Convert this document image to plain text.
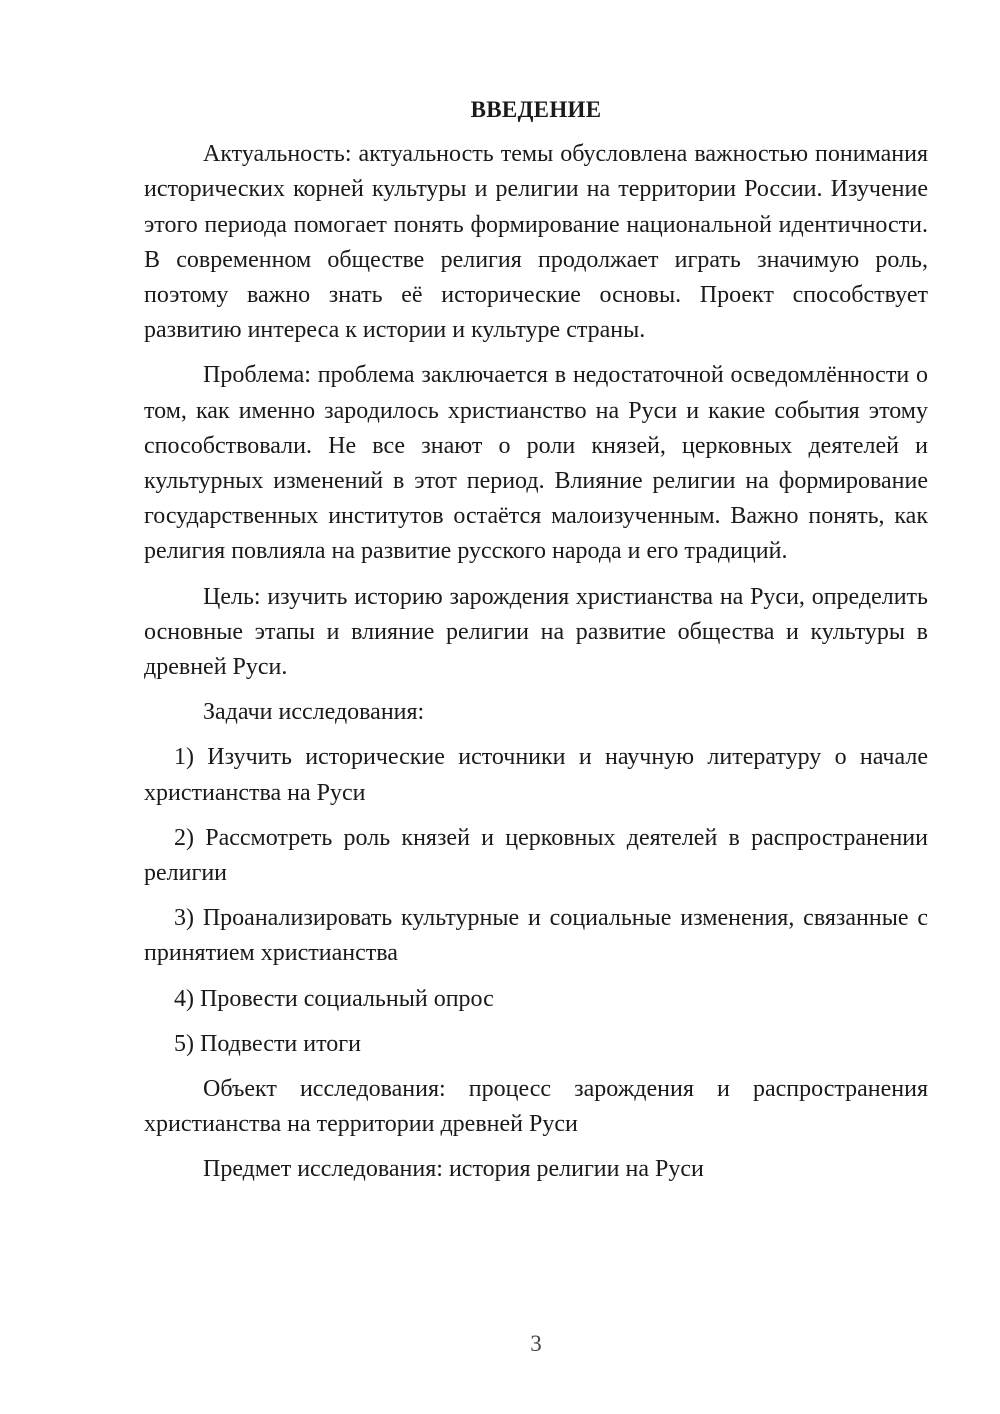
ВВЕДЕНИЕ

Актуальность: актуальность темы обусловлена важностью понимания исторических корней культуры и религии на территории России. Изучение этого периода помогает понять формирование национальной идентичности. В современном обществе религия продолжает играть значимую роль, поэтому важно знать её исторические основы. Проект способствует развитию интереса к истории и культуре страны.

Проблема: проблема заключается в недостаточной осведомлённости о том, как именно зародилось христианство на Руси и какие события этому способствовали. Не все знают о роли князей, церковных деятелей и культурных изменений в этот период. Влияние религии на формирование государственных институтов остаётся малоизученным. Важно понять, как религия повлияла на развитие русского народа и его традиций.

Цель: изучить историю зарождения христианства на Руси, определить основные этапы и влияние религии на развитие общества и культуры в древней Руси.

Задачи исследования:

1) Изучить исторические источники и научную литературу о начале христианства на Руси

2) Рассмотреть роль князей и церковных деятелей в распространении религии

3) Проанализировать культурные и социальные изменения, связанные с принятием христианства

4) Провести социальный опрос

5) Подвести итоги

Объект исследования: процесс зарождения и распространения христианства на территории древней Руси

Предмет исследования: история религии на Руси

3
